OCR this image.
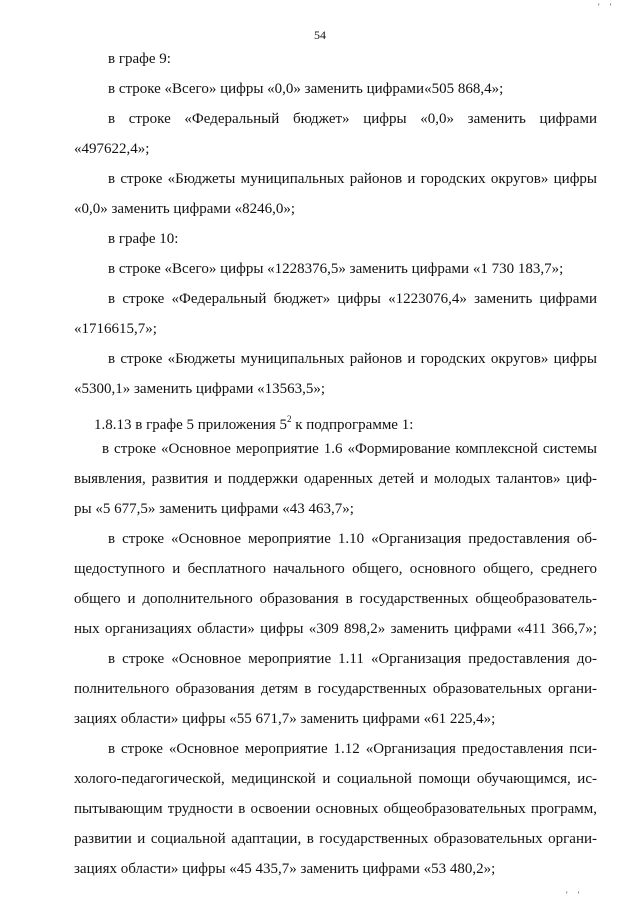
' '
54
в графе 9:
в строке «Всего» цифры «0,0» заменить цифрами«505 868,4»;
в строке «Федеральный бюджет» цифры «0,0» заменить цифрами
«497622,4»;
в строке «Бюджеты муниципальных районов и городских округов» цифры
«0,0» заменить цифрами «8246,0»;
в графе 10:
в строке «Всего» цифры «1228376,5» заменить цифрами «1 730 183,7»;
в строке «Федеральный бюджет» цифры «1223076,4» заменить цифрами
«1716615,7»;
в строке «Бюджеты муниципальных районов и городских округов» цифры
«5300,1» заменить цифрами «13563,5»;
1.8.13 в графе 5 приложения $5^2$ к подпрограмме 1:
в строке «Основное мероприятие 1.6 «Формирование комплексной системы
выявления, развития и поддержки одаренных детей и молодых талантов» циф-
ры «5 677,5» заменить цифрами «43 463,7»;
в строке «Основное мероприятие 1.10 «Организация предоставления об-
щедоступного и бесплатного начального общего, основного общего, среднего
общего и дополнительного образования в государственных общеобразователь-
ных организациях области» цифры «309 898,2» заменить цифрами «411 366,7»;
в строке «Основное мероприятие 1.11 «Организация предоставления до-
полнительного образования детям в государственных образовательных органи-
зациях области» цифры «55 671,7» заменить цифрами «61 225,4»;
в строке «Основное мероприятие 1.12 «Организация предоставления пси-
холого-педагогической, медицинской и социальной помощи обучающимся, ис-
пытывающим трудности в освоении основных общеобразовательных программ,
развитии и социальной адаптации, в государственных образовательных органи-
зациях области» цифры «45 435,7» заменить цифрами «53 480,2»;
' '
